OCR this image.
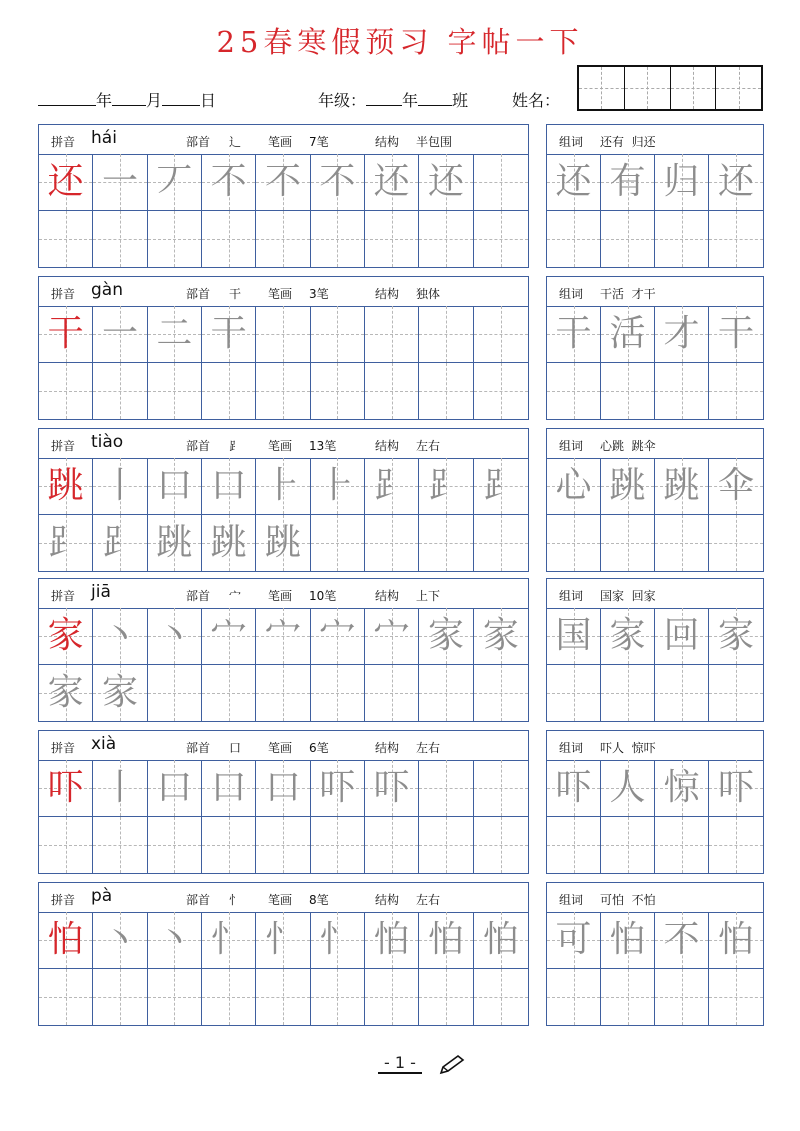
25春寒假预习 字帖一下
年 月 日	年级： 年 班	姓名：
拼音 hái	部首 辶 笔画 7笔	结构 半包围
还 一 丆 不 不 不 还 还
组词 还有  归还
还 有 归 还
拼音 gàn	部首 干 笔画 3笔	结构 独体
干 一 二 干
组词 干活  才干
干 活 才 干
拼音 tiào	部首 ⻊ 笔画 13笔	结构 左右
跳 丨 口 口 ⺊ ⺊ ⻊ ⻊ ⻊
⻊ ⻊ 跳 跳 跳
组词 心跳  跳伞
心 跳 跳 伞
拼音 jiā	部首 宀 笔画 10笔	结构 上下
家 丶 丶 宀 宀 宀 宀 家 家
家 家
组词 国家  回家
国 家 回 家
拼音 xià	部首 口 笔画 6笔	结构 左右
吓 丨 口 口 口 吓 吓
组词 吓人  惊吓
吓 人 惊 吓
拼音 pà	部首 忄 笔画 8笔	结构 左右
怕 丶 丶 忄 忄 忄 怕 怕 怕
组词 可怕  不怕
可 怕 不 怕
- 1 -
